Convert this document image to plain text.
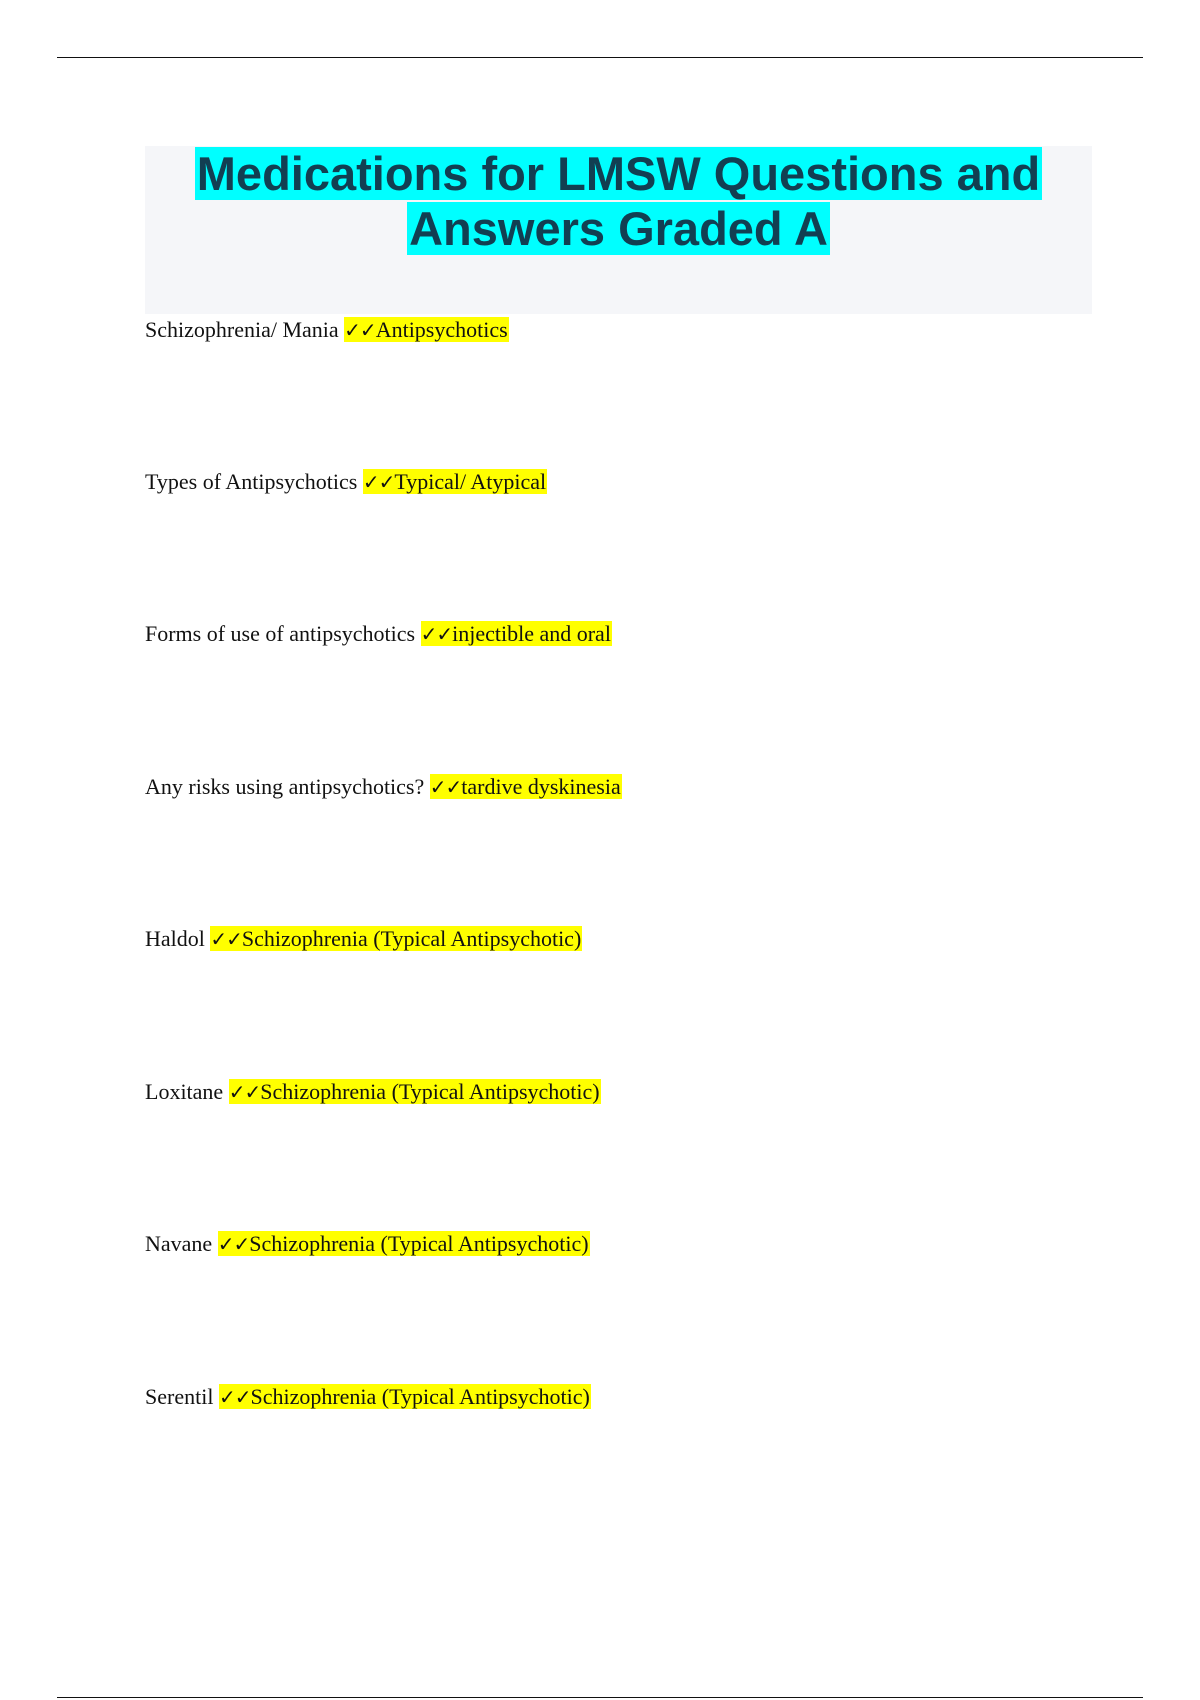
Medications for LMSW Questions and
Answers Graded A

Schizophrenia/ Mania ✓✓Antipsychotics

Types of Antipsychotics ✓✓Typical/ Atypical

Forms of use of antipsychotics ✓✓injectible and oral

Any risks using antipsychotics? ✓✓tardive dyskinesia

Haldol ✓✓Schizophrenia (Typical Antipsychotic)

Loxitane ✓✓Schizophrenia (Typical Antipsychotic)

Navane ✓✓Schizophrenia (Typical Antipsychotic)

Serentil ✓✓Schizophrenia (Typical Antipsychotic)
